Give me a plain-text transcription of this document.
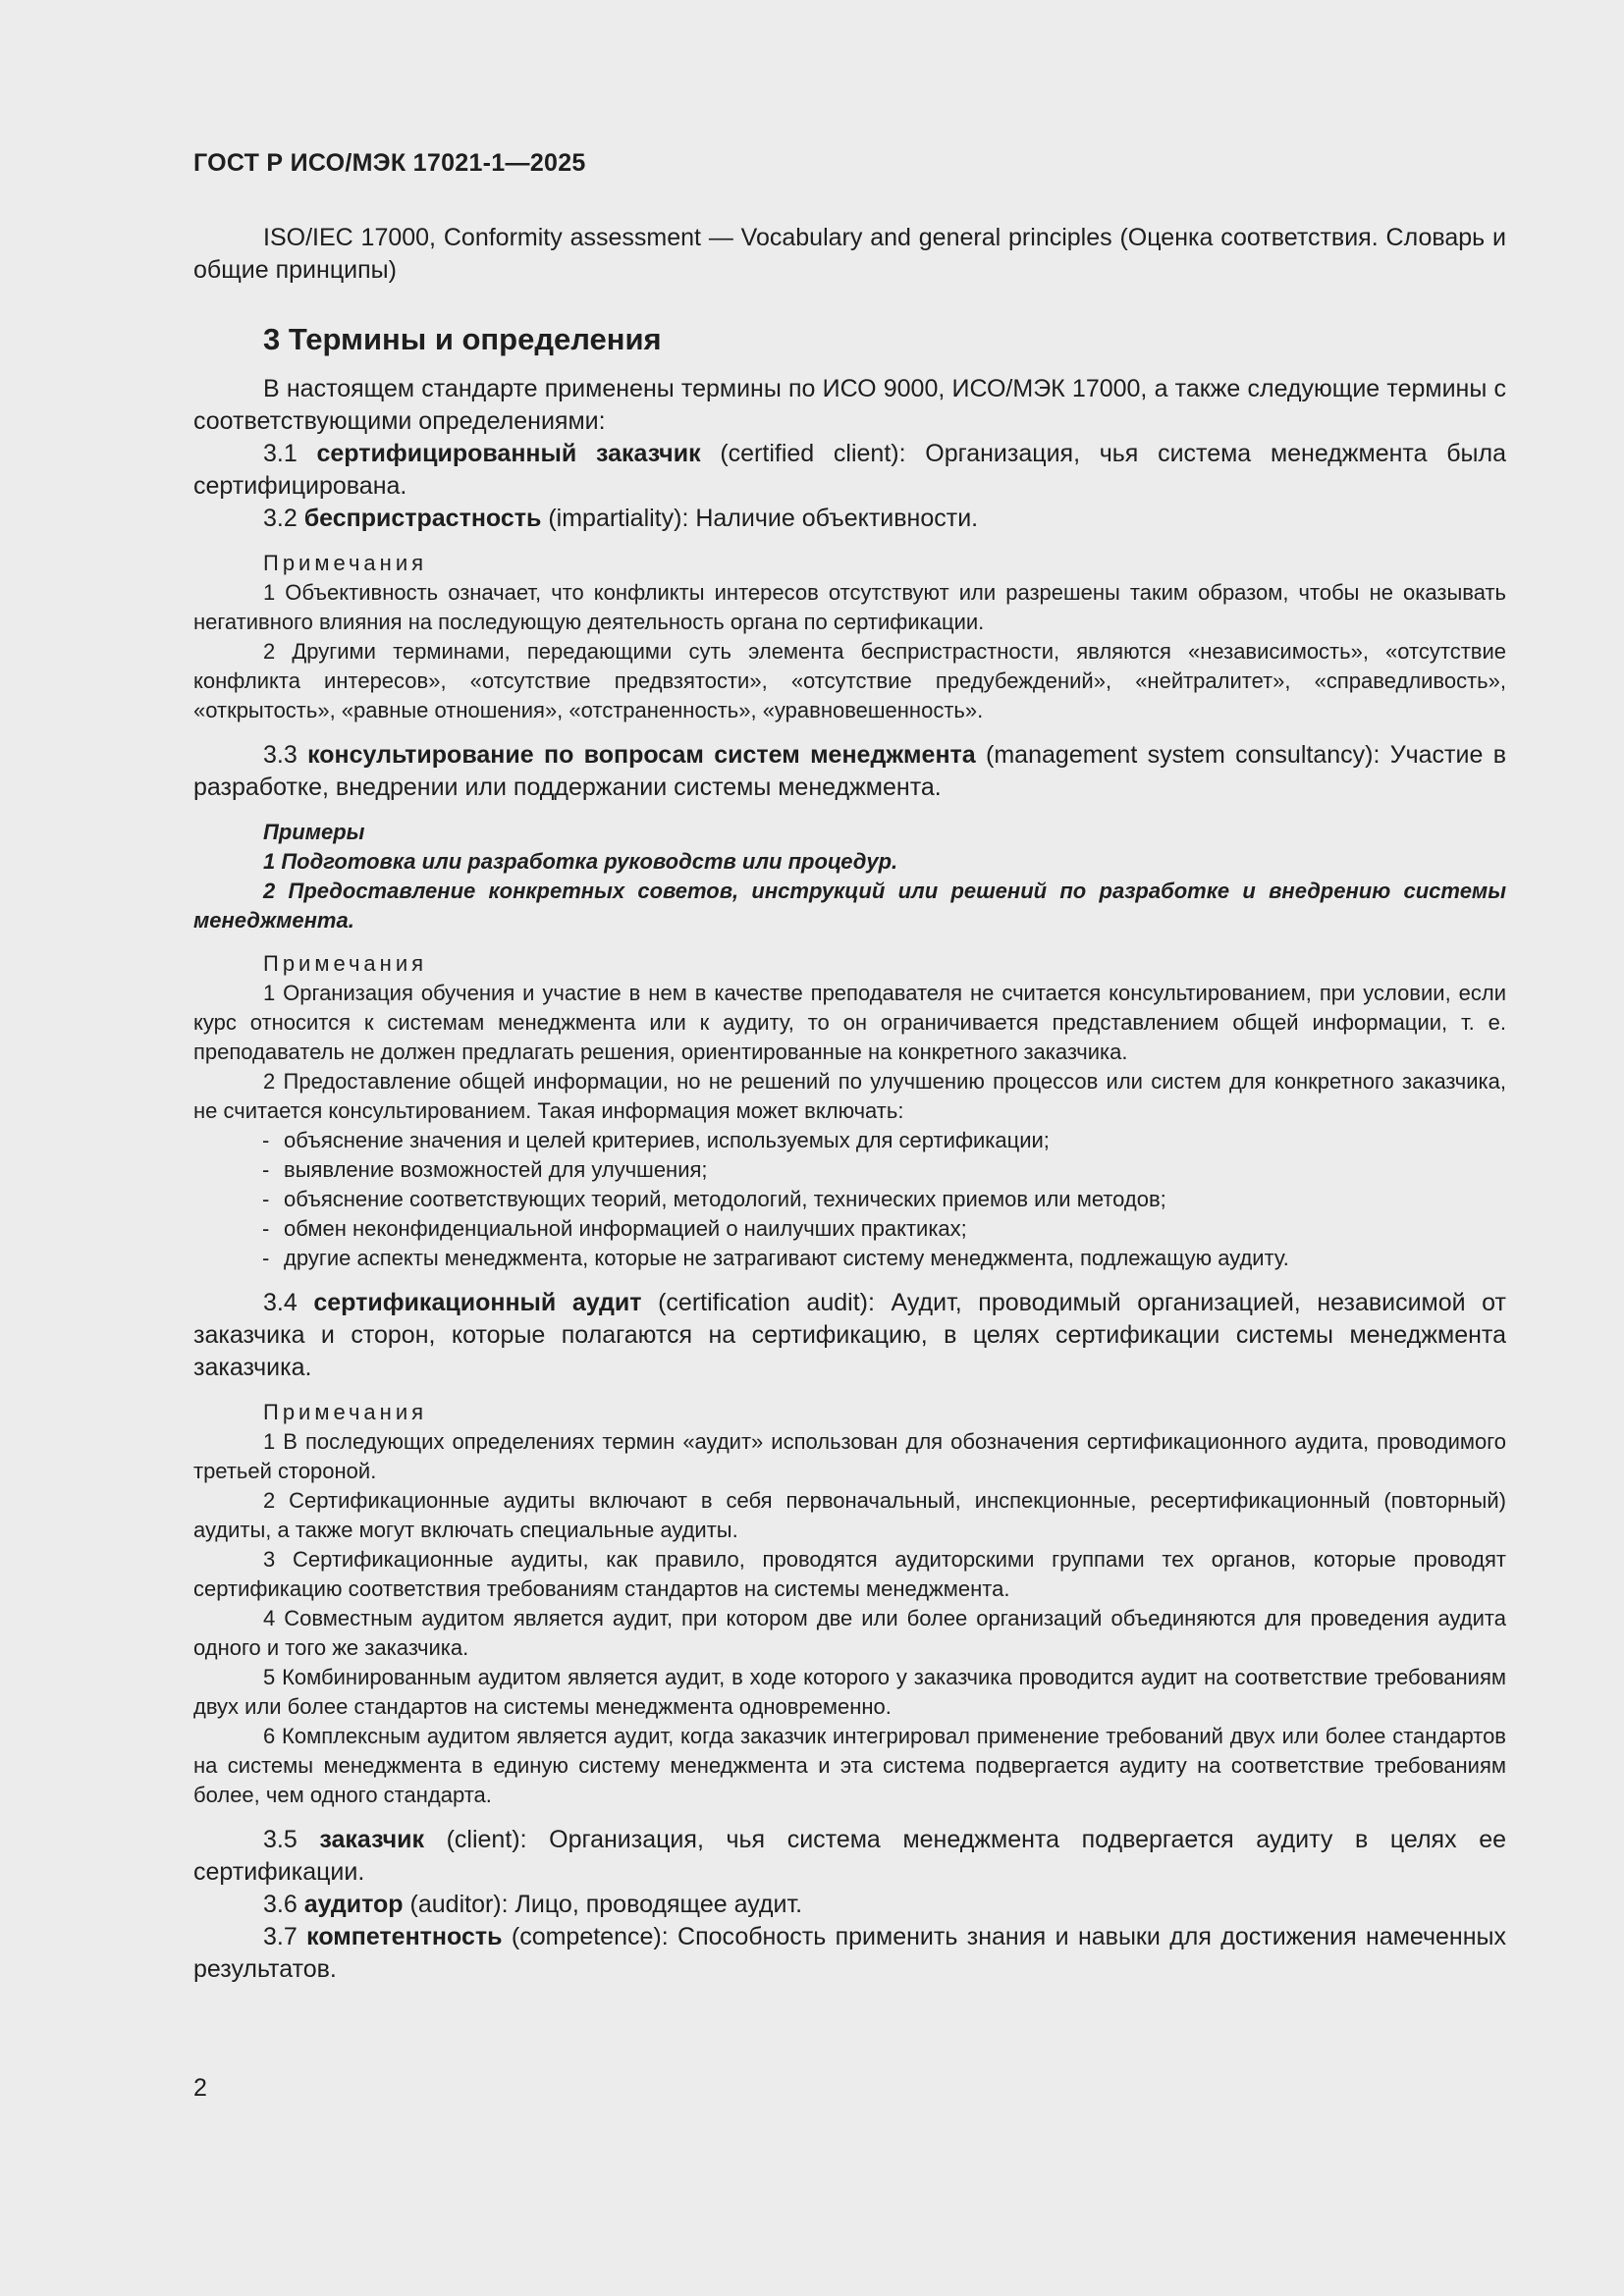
ГОСТ Р ИСО/МЭК 17021-1—2025

ISO/IEC 17000, Conformity assessment — Vocabulary and general principles (Оценка соответствия. Словарь и общие принципы)

3 Термины и определения

В настоящем стандарте применены термины по ИСО 9000, ИСО/МЭК 17000, а также следующие термины с соответствующими определениями:

3.1 сертифицированный заказчик (certified client): Организация, чья система менеджмента была сертифицирована.

3.2 беспристрастность (impartiality): Наличие объективности.

Примечания

1 Объективность означает, что конфликты интересов отсутствуют или разрешены таким образом, чтобы не оказывать негативного влияния на последующую деятельность органа по сертификации.

2 Другими терминами, передающими суть элемента беспристрастности, являются «независимость», «отсутствие конфликта интересов», «отсутствие предвзятости», «отсутствие предубеждений», «нейтралитет», «справедливость», «открытость», «равные отношения», «отстраненность», «уравновешенность».

3.3 консультирование по вопросам систем менеджмента (management system consultancy): Участие в разработке, внедрении или поддержании системы менеджмента.

Примеры

1 Подготовка или разработка руководств или процедур.

2 Предоставление конкретных советов, инструкций или решений по разработке и внедрению системы менеджмента.

Примечания

1 Организация обучения и участие в нем в качестве преподавателя не считается консультированием, при условии, если курс относится к системам менеджмента или к аудиту, то он ограничивается представлением общей информации, т. е. преподаватель не должен предлагать решения, ориентированные на конкретного заказчика.

2 Предоставление общей информации, но не решений по улучшению процессов или систем для конкретного заказчика, не считается консультированием. Такая информация может включать:

- объяснение значения и целей критериев, используемых для сертификации;
- выявление возможностей для улучшения;
- объяснение соответствующих теорий, методологий, технических приемов или методов;
- обмен неконфиденциальной информацией о наилучших практиках;
- другие аспекты менеджмента, которые не затрагивают систему менеджмента, подлежащую аудиту.

3.4 сертификационный аудит (certification audit): Аудит, проводимый организацией, независимой от заказчика и сторон, которые полагаются на сертификацию, в целях сертификации системы менеджмента заказчика.

Примечания

1 В последующих определениях термин «аудит» использован для обозначения сертификационного аудита, проводимого третьей стороной.

2 Сертификационные аудиты включают в себя первоначальный, инспекционные, ресертификационный (повторный) аудиты, а также могут включать специальные аудиты.

3 Сертификационные аудиты, как правило, проводятся аудиторскими группами тех органов, которые проводят сертификацию соответствия требованиям стандартов на системы менеджмента.

4 Совместным аудитом является аудит, при котором две или более организаций объединяются для проведения аудита одного и того же заказчика.

5 Комбинированным аудитом является аудит, в ходе которого у заказчика проводится аудит на соответствие требованиям двух или более стандартов на системы менеджмента одновременно.

6 Комплексным аудитом является аудит, когда заказчик интегрировал применение требований двух или более стандартов на системы менеджмента в единую систему менеджмента и эта система подвергается аудиту на соответствие требованиям более, чем одного стандарта.

3.5 заказчик (client): Организация, чья система менеджмента подвергается аудиту в целях ее сертификации.

3.6 аудитор (auditor): Лицо, проводящее аудит.

3.7 компетентность (competence): Способность применить знания и навыки для достижения намеченных результатов.

2
